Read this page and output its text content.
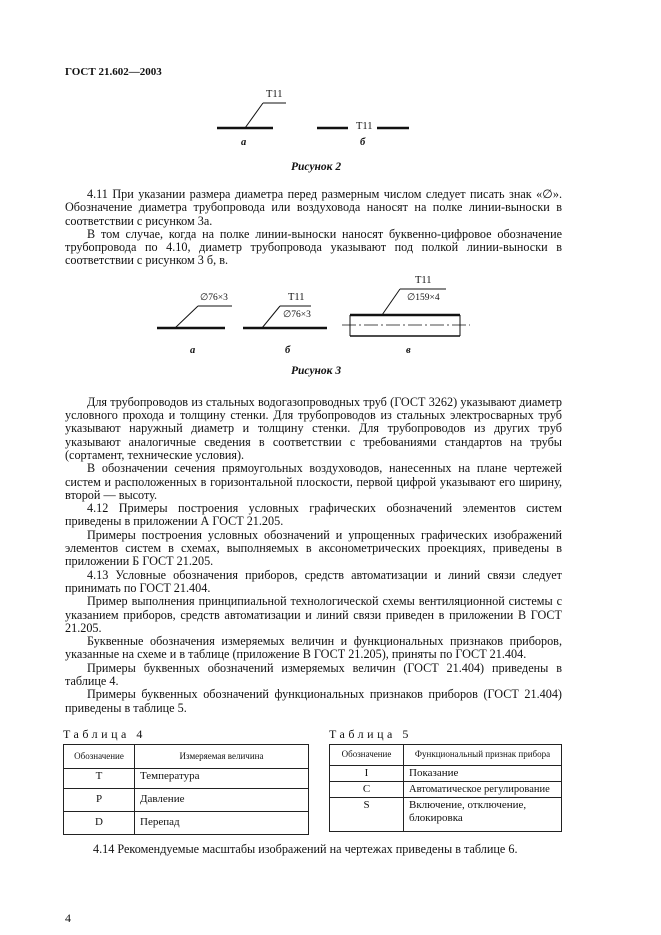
ГОСТ 21.602—2003
Т11
Т11
а	б
Рисунок 2

4.11 При указании размера диаметра перед размерным числом следует писать знак «∅». Обозначение диаметра трубопровода или воздуховода наносят на полке линии-выноски в соответствии с рисунком 3а.

В том случае, когда на полке линии-выноски наносят буквенно-цифровое обозначение трубопровода по 4.10, диаметр трубопровода указывают под полкой линии-выноски в соответствии с рисунком 3 б, в.

∅76×3	Т11
∅76×3
Т11
∅159×4
а	б	в
Рисунок 3

Для трубопроводов из стальных водогазопроводных труб (ГОСТ 3262) указывают диаметр условного прохода и толщину стенки. Для трубопроводов из стальных электросварных труб указывают наружный диаметр и толщину стенки. Для трубопроводов из других труб указывают аналогичные сведения в соответствии с требованиями стандартов на трубы (сортамент, технические условия).

В обозначении сечения прямоугольных воздуховодов, нанесенных на плане чертежей систем и расположенных в горизонтальной плоскости, первой цифрой указывают его ширину, второй — высоту.

4.12 Примеры построения условных графических обозначений элементов систем приведены в приложении А ГОСТ 21.205.

Примеры построения условных обозначений и упрощенных графических изображений элементов систем в схемах, выполняемых в аксонометрических проекциях, приведены в приложении Б ГОСТ 21.205.

4.13 Условные обозначения приборов, средств автоматизации и линий связи следует принимать по ГОСТ 21.404.

Пример выполнения принципиальной технологической схемы вентиляционной системы с указанием приборов, средств автоматизации и линий связи приведен в приложении В ГОСТ 21.205.

Буквенные обозначения измеряемых величин и функциональных признаков приборов, указанные на схеме и в таблице (приложение В ГОСТ 21.205), приняты по ГОСТ 21.404.

Примеры буквенных обозначений измеряемых величин (ГОСТ 21.404) приведены в таблице 4.

Примеры буквенных обозначений функциональных признаков приборов (ГОСТ 21.404) приведены в таблице 5.

Таблица 4
Обозначение	Измеряемая величина
T	Температура
P	Давление
D	Перепад
Таблица 5
Обозначение	Функциональный признак прибора
I	Показание
C	Автоматическое регулирование
S	Включение, отключение, блокировка
4.14 Рекомендуемые масштабы изображений на чертежах приведены в таблице 6.
4
